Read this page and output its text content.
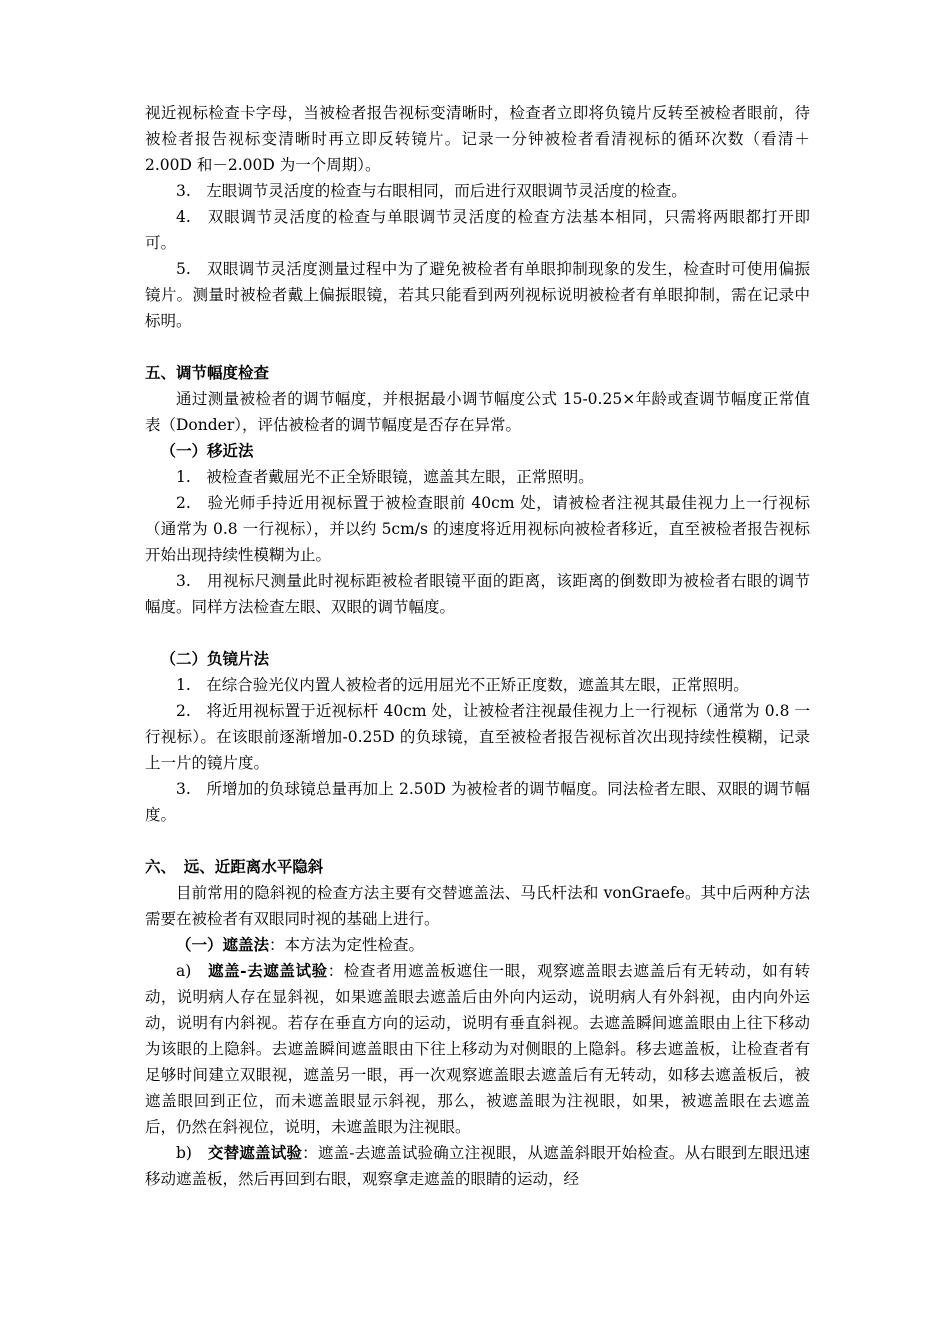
视近视标检查卡字母，当被检者报告视标变清晰时，检查者立即将负镜片反转至被检者眼前，待被检者报告视标变清晰时再立即反转镜片。记录一分钟被检者看清视标的循环次数（看清＋2.00D 和－2.00D 为一个周期）。

3.　左眼调节灵活度的检查与右眼相同，而后进行双眼调节灵活度的检查。

4.　双眼调节灵活度的检查与单眼调节灵活度的检查方法基本相同，只需将两眼都打开即可。

5.　双眼调节灵活度测量过程中为了避免被检者有单眼抑制现象的发生，检查时可使用偏振镜片。测量时被检者戴上偏振眼镜，若其只能看到两列视标说明被检者有单眼抑制，需在记录中标明。

五、调节幅度检查

通过测量被检者的调节幅度，并根据最小调节幅度公式 15-0.25×年龄或查调节幅度正常值表（Donder），评估被检者的调节幅度是否存在异常。

（一）移近法

1.　被检查者戴屈光不正全矫眼镜，遮盖其左眼，正常照明。

2.　验光师手持近用视标置于被检查眼前 40cm 处，请被检者注视其最佳视力上一行视标（通常为 0.8 一行视标），并以约 5cm/s 的速度将近用视标向被检者移近，直至被检者报告视标开始出现持续性模糊为止。

3.　用视标尺测量此时视标距被检者眼镜平面的距离，该距离的倒数即为被检者右眼的调节幅度。同样方法检查左眼、双眼的调节幅度。

（二）负镜片法

1.　在综合验光仪内置人被检者的远用屈光不正矫正度数，遮盖其左眼，正常照明。

2.　将近用视标置于近视标杆 40cm 处，让被检者注视最佳视力上一行视标（通常为 0.8 一行视标）。在该眼前逐渐增加-0.25D 的负球镜，直至被检者报告视标首次出现持续性模糊，记录上一片的镜片度。

3.　所增加的负球镜总量再加上 2.50D 为被检者的调节幅度。同法检者左眼、双眼的调节幅度。

六、　远、近距离水平隐斜

目前常用的隐斜视的检查方法主要有交替遮盖法、马氏杆法和 vonGraefe。其中后两种方法需要在被检者有双眼同时视的基础上进行。

（一）遮盖法：本方法为定性检查。

a)　遮盖-去遮盖试验：检查者用遮盖板遮住一眼，观察遮盖眼去遮盖后有无转动，如有转动，说明病人存在显斜视，如果遮盖眼去遮盖后由外向内运动，说明病人有外斜视，由内向外运动，说明有内斜视。若存在垂直方向的运动，说明有垂直斜视。去遮盖瞬间遮盖眼由上往下移动为该眼的上隐斜。去遮盖瞬间遮盖眼由下往上移动为对侧眼的上隐斜。移去遮盖板，让检查者有足够时间建立双眼视，遮盖另一眼，再一次观察遮盖眼去遮盖后有无转动，如移去遮盖板后，被遮盖眼回到正位，而未遮盖眼显示斜视，那么，被遮盖眼为注视眼，如果，被遮盖眼在去遮盖后，仍然在斜视位，说明，未遮盖眼为注视眼。

b)　交替遮盖试验：遮盖-去遮盖试验确立注视眼，从遮盖斜眼开始检查。从右眼到左眼迅速移动遮盖板，然后再回到右眼，观察拿走遮盖的眼睛的运动，经
